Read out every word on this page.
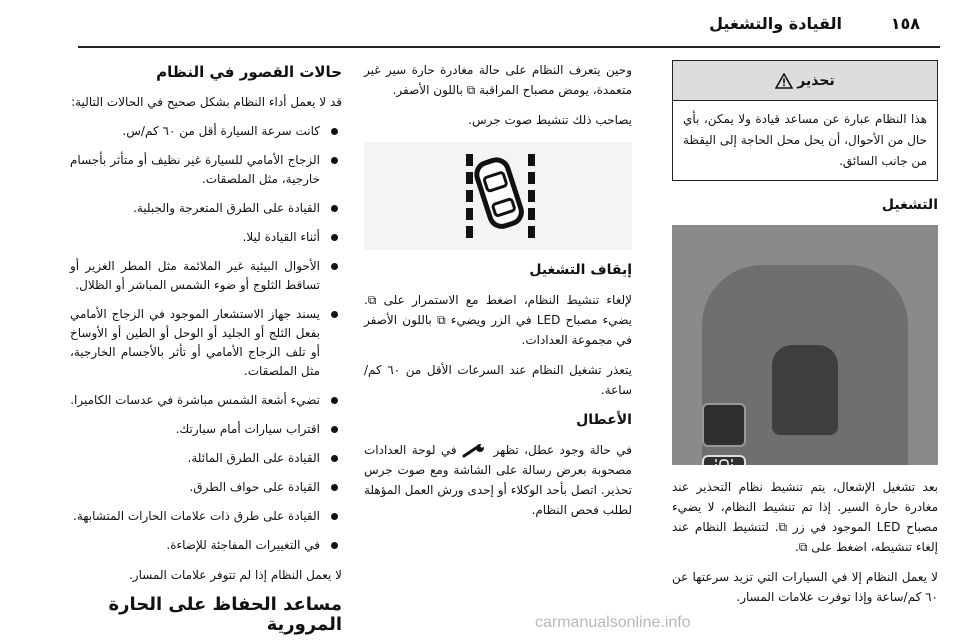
١٥٨
القيادة والتشغيل
تحذير
هذا النظام عبارة عن مساعد قيادة ولا يمكن، بأي حال من الأحوال، أن يحل محل الحاجة إلى اليقظة من جانب السائق.
التشغيل

بعد تشغيل الإشعال، يتم تنشيط نظام التحذير عند مغادرة حارة السير. إذا تم تنشيط النظام، لا يضيء مصباح LED الموجود في زر ⧉. لتنشيط النظام عند إلغاء تنشيطه، اضغط على ⧉.

لا يعمل النظام إلا في السيارات التي تزيد سرعتها عن ٦٠ كم/ساعة وإذا توفرت علامات المسار.

وحين يتعرف النظام على حالة مغادرة حارة سير غير متعمدة، يومض مصباح المراقبة ⧉ باللون الأصفر.

يصاحب ذلك تنشيط صوت جرس.

إيقاف التشغيل

لإلغاء تنشيط النظام، اضغط مع الاستمرار على ⧉. يضيء مصباح LED في الزر ويضيء ⧉ باللون الأصفر في مجموعة العدادات.

يتعذر تشغيل النظام عند السرعات الأقل من ٦٠ كم/ساعة.

الأعطال

في حالة وجود عطل، تظهر  في لوحة العدادات مصحوبة بعرض رسالة على الشاشة ومع صوت جرس تحذير. اتصل بأحد الوكلاء أو إحدى ورش العمل المؤهلة لطلب فحص النظام.

حالات القصور في النظام

قد لا يعمل أداء النظام بشكل صحيح في الحالات التالية:

كانت سرعة السيارة أقل من ٦٠ كم/س.
الزجاج الأمامي للسيارة غير نظيف أو متأثر بأجسام خارجية، مثل الملصقات.
القيادة على الطرق المتعرجة والجبلية.
أثناء القيادة ليلا.
الأحوال البيئية غير الملائمة مثل المطر الغزير أو تساقط الثلوج أو ضوء الشمس المباشر أو الظلال.
يسند جهاز الاستشعار الموجود في الزجاج الأمامي بفعل الثلج أو الجليد أو الوحل أو الطين أو الأوساخ أو تلف الزجاج الأمامي أو تأثر بالأجسام الخارجية، مثل الملصقات.
تضيء أشعة الشمس مباشرة في عدسات الكاميرا.
اقتراب سيارات أمام سيارتك.
القيادة على الطرق المائلة.
القيادة على حواف الطرق.
القيادة على طرق ذات علامات الحارات المتشابهة.
في التغييرات المفاجئة للإضاءة.

لا يعمل النظام إذا لم تتوفر علامات المسار.

مساعد الحفاظ على الحارة المرورية	carmanualsonline.info
